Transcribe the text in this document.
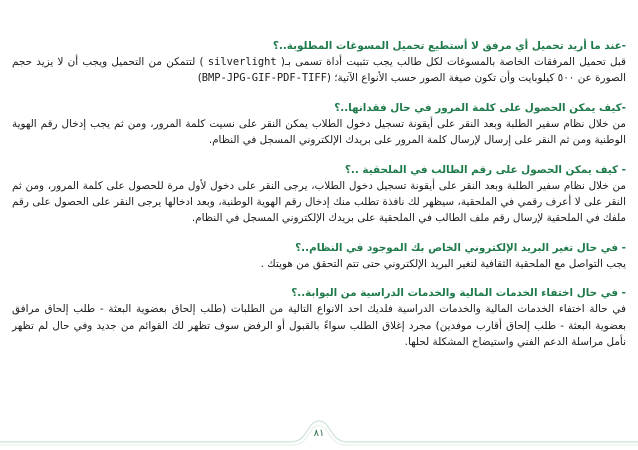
-عند ما أريد تحميل أي مرفق لا أستطيع تحميل المسوغات المطلوبة..؟

قبل تحميل المرفقات الخاصة بالمسوغات لكل طالب يجب تثبيت أداة تسمى بـ( silverlight ) لتتمكن من التحميل ويجب أن لا يزيد حجم الصورة عن ٥٠٠ كيلوبايت وأن تكون صيغة الصور حسب الأنواع الآتية؛ (BMP-JPG-GIF-PDF-TIFF)

-كيف يمكن الحصول على كلمة المرور في حال فقدانها..؟

من خلال نظام سفير الطلبة وبعد النقر على أيقونة تسجيل دخول الطلاب يمكن النقر على نسيت كلمة المرور، ومن ثم يجب إدخال رقم الهوية الوطنية ومن ثم النقر على إرسال لإرسال كلمة المرور على بريدك الإلكتروني المسجل في النظام.

- كيف يمكن الحصول على رقم الطالب في الملحقية ..؟

من خلال نظام سفير الطلبة وبعد النقر على أيقونة تسجيل دخول الطلاب، يرجى النقر على دخول لأول مرة للحصول على كلمة المرور، ومن ثم النقر على لا أعرف رقمي في الملحقية، سيظهر لك نافذة تطلب منك إدخال رقم الهوية الوطنية، وبعد ادخالها يرجى النقر على الحصول على رقم ملفك في الملحقية لإرسال رقم ملف الطالب في الملحقية على بريدك الإلكتروني المسجل في النظام.

- في حال تغير البريد الإلكتروني الخاص بك الموجود في النظام..؟

يجب التواصل مع الملحقية الثقافية لتغير البريد الإلكتروني حتى تتم التحقق من هويتك .

- في حال اختفاء الخدمات المالية والخدمات الدراسية من البوابة..؟

في حالة اختفاء الخدمات المالية والخدمات الدراسية فلديك احد الانواع التالية من الطلبات (طلب إلحاق بعضوية البعثة - طلب إلحاق مرافق بعضوية البعثة - طلب إلحاق أقارب موفدين) مجرد إغلاق الطلب سواءً بالقبول أو الرفض سوف تظهر لك القوائم من جديد وفي حال لم تظهر نأمل مراسلة الدعم الفني واستيضاح المشكلة لحلها.

٨١
